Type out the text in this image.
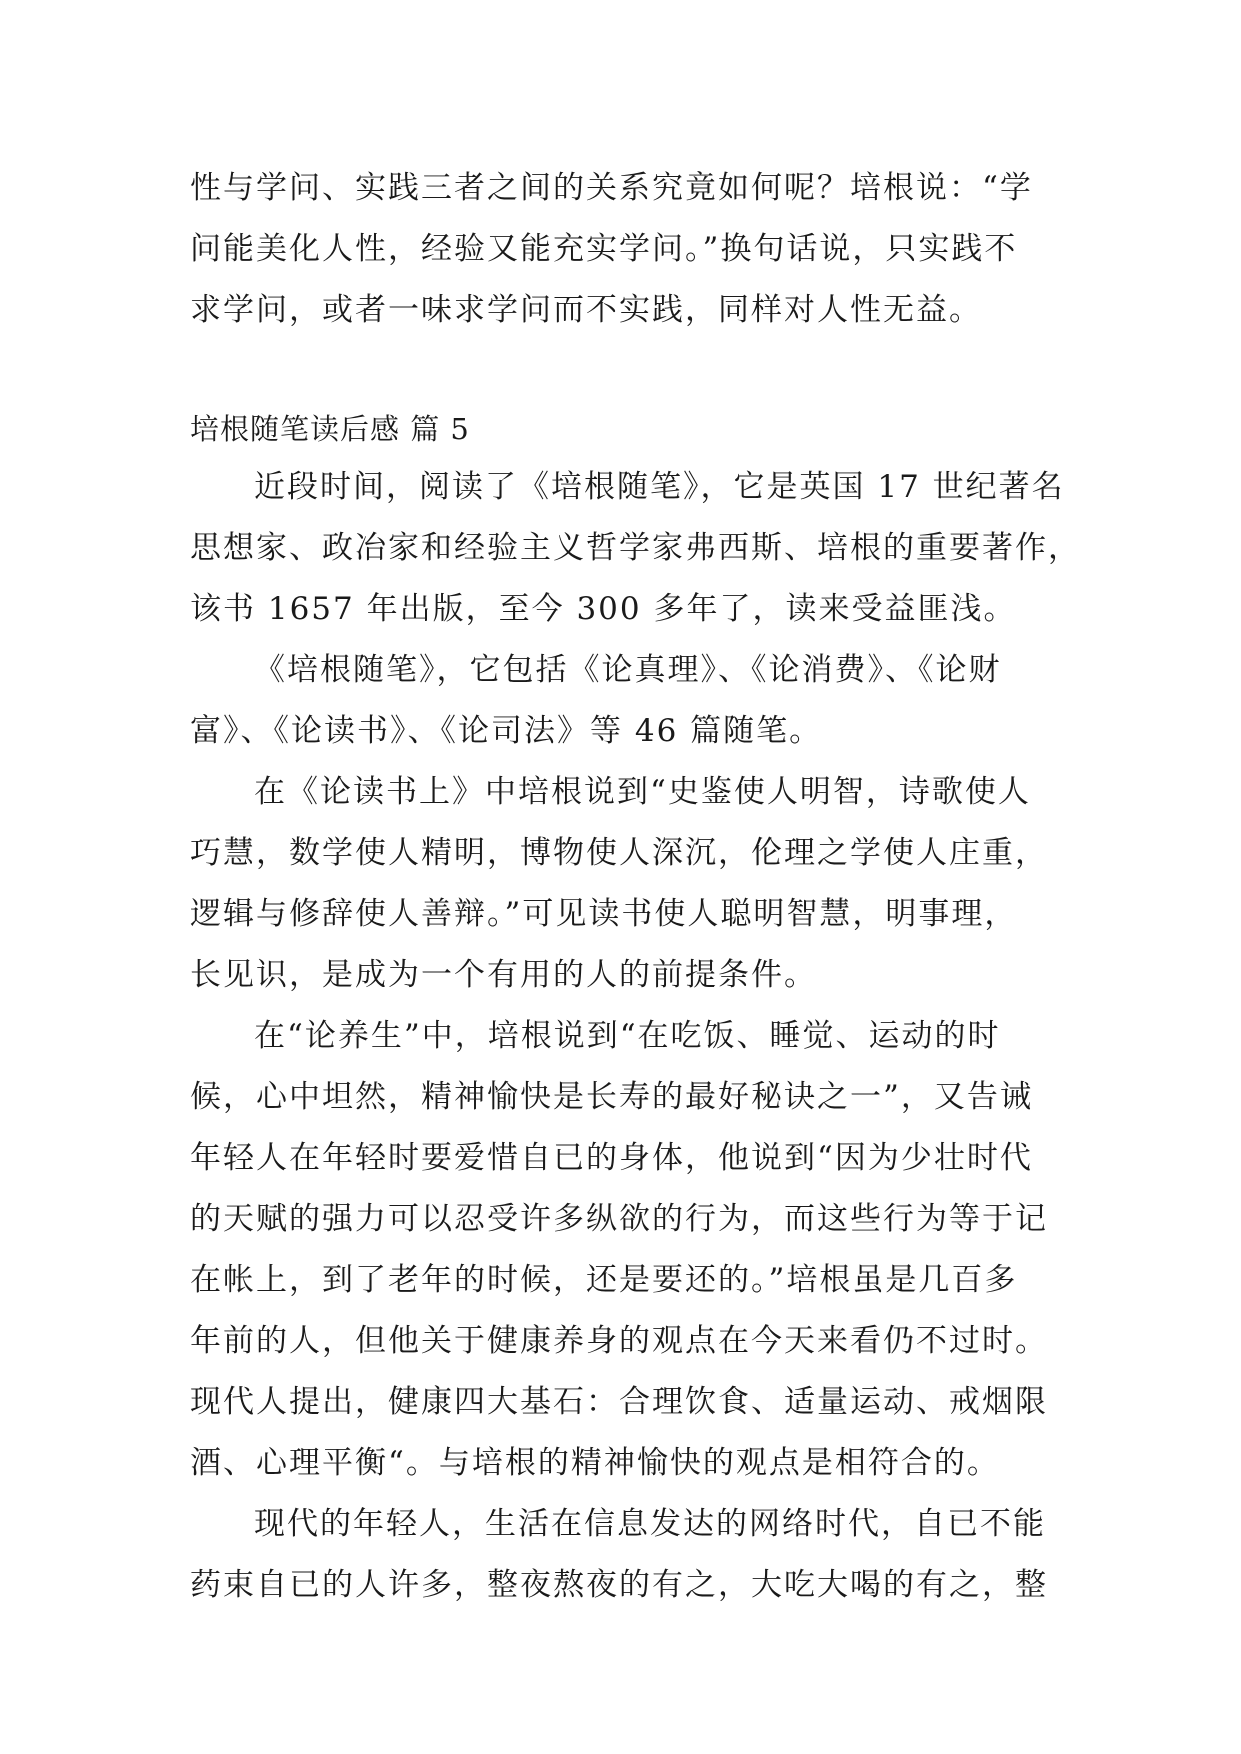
性与学问、实践三者之间的关系究竟如何呢？培根说：“学
问能美化人性，经验又能充实学问。”换句话说，只实践不
求学问，或者一味求学问而不实践，同样对人性无益。
培根随笔读后感 篇 5
近段时间，阅读了《培根随笔》，它是英国 17 世纪著名
思想家、政冶家和经验主义哲学家弗西斯、培根的重要著作，
该书 1657 年出版，至今 300 多年了，读来受益匪浅。
《培根随笔》，它包括《论真理》、《论消费》、《论财
富》、《论读书》、《论司法》等 46 篇随笔。
在《论读书上》中培根说到“史鉴使人明智，诗歌使人
巧慧，数学使人精明，博物使人深沉，伦理之学使人庄重，
逻辑与修辞使人善辩。”可见读书使人聪明智慧，明事理，
长见识，是成为一个有用的人的前提条件。
在“论养生”中，培根说到“在吃饭、睡觉、运动的时
候，心中坦然，精神愉快是长寿的最好秘诀之一”，又告诫
年轻人在年轻时要爱惜自已的身体，他说到“因为少壮时代
的天赋的强力可以忍受许多纵欲的行为，而这些行为等于记
在帐上，到了老年的时候，还是要还的。”培根虽是几百多
年前的人，但他关于健康养身的观点在今天来看仍不过时。
现代人提出，健康四大基石：合理饮食、适量运动、戒烟限
酒、心理平衡“。与培根的精神愉快的观点是相符合的。
现代的年轻人，生活在信息发达的网络时代，自已不能
药束自已的人许多，整夜熬夜的有之，大吃大喝的有之，整
